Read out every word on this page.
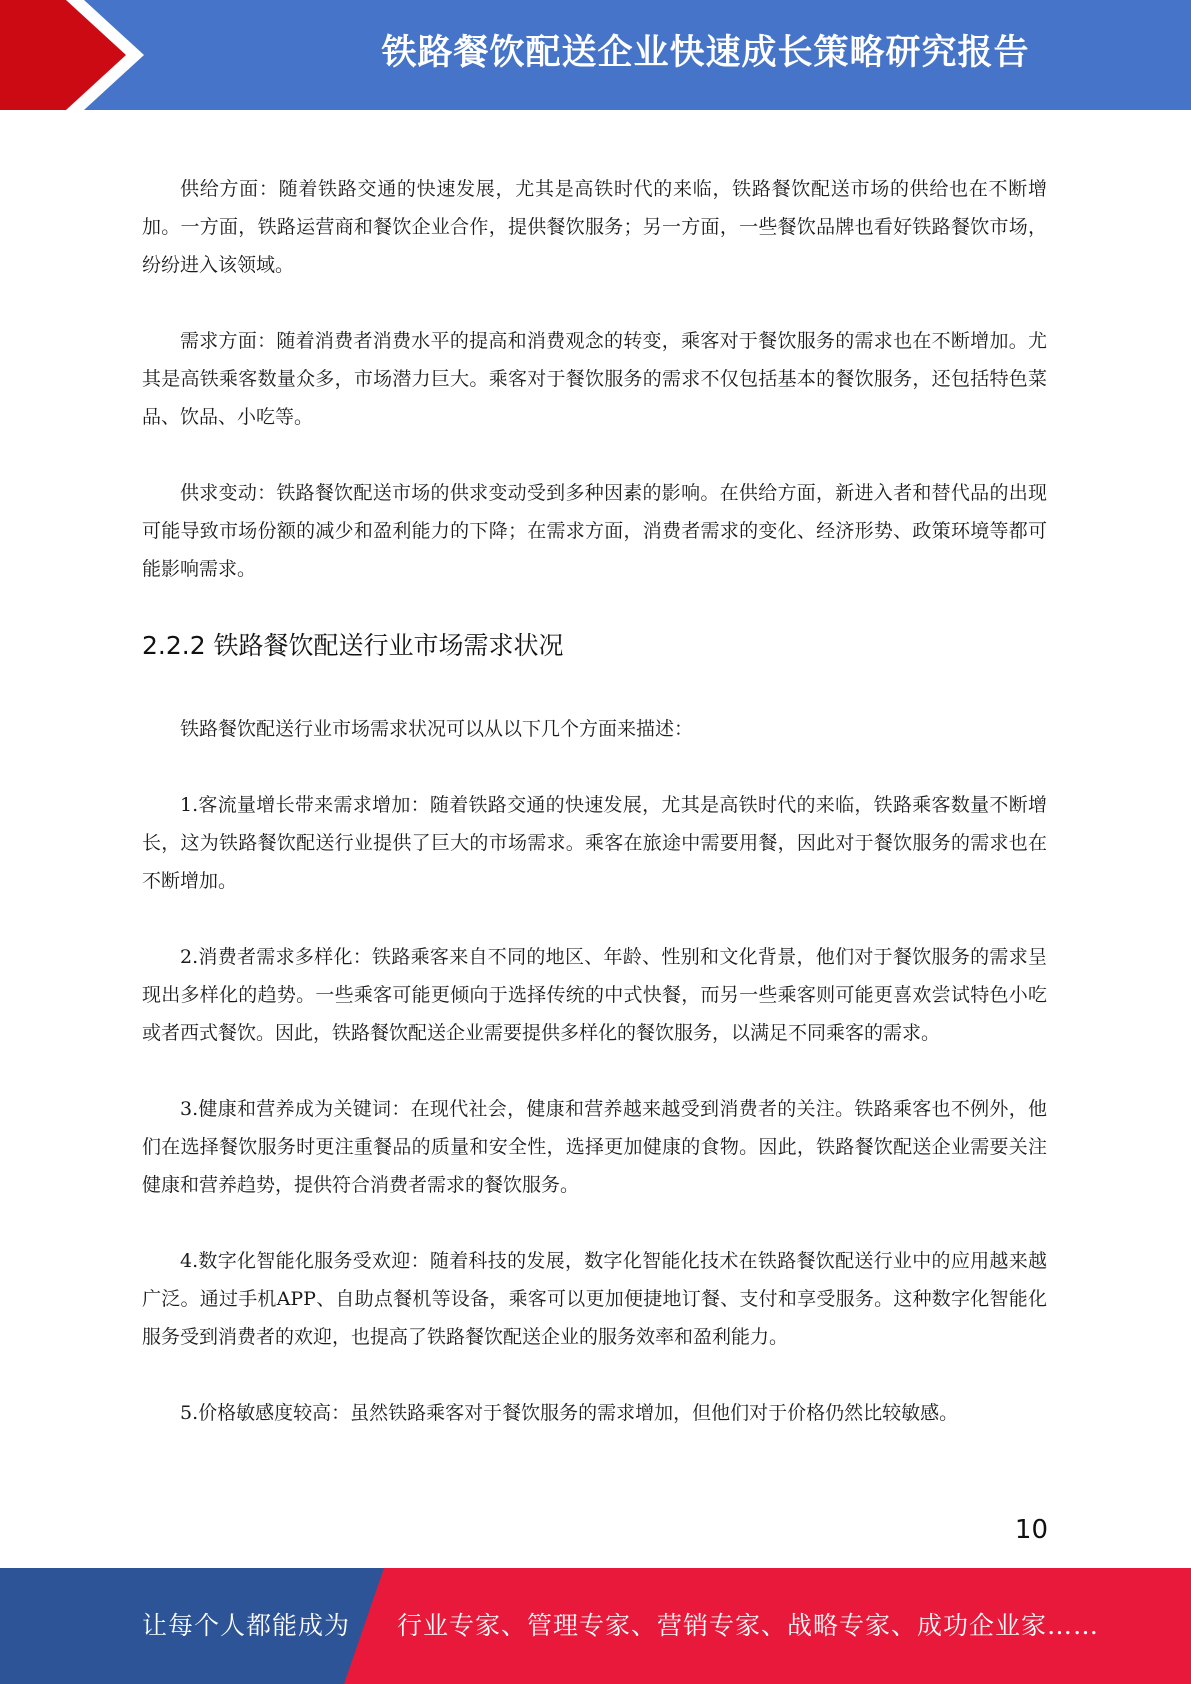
铁路餐饮配送企业快速成长策略研究报告

供给方面：随着铁路交通的快速发展，尤其是高铁时代的来临，铁路餐饮配送市场的供给也在不断增加。一方面，铁路运营商和餐饮企业合作，提供餐饮服务；另一方面，一些餐饮品牌也看好铁路餐饮市场，纷纷进入该领域。

需求方面：随着消费者消费水平的提高和消费观念的转变，乘客对于餐饮服务的需求也在不断增加。尤其是高铁乘客数量众多，市场潜力巨大。乘客对于餐饮服务的需求不仅包括基本的餐饮服务，还包括特色菜品、饮品、小吃等。

供求变动：铁路餐饮配送市场的供求变动受到多种因素的影响。在供给方面，新进入者和替代品的出现可能导致市场份额的减少和盈利能力的下降；在需求方面，消费者需求的变化、经济形势、政策环境等都可能影响需求。

2.2.2 铁路餐饮配送行业市场需求状况

铁路餐饮配送行业市场需求状况可以从以下几个方面来描述：

1.客流量增长带来需求增加：随着铁路交通的快速发展，尤其是高铁时代的来临，铁路乘客数量不断增长，这为铁路餐饮配送行业提供了巨大的市场需求。乘客在旅途中需要用餐，因此对于餐饮服务的需求也在不断增加。

2.消费者需求多样化：铁路乘客来自不同的地区、年龄、性别和文化背景，他们对于餐饮服务的需求呈现出多样化的趋势。一些乘客可能更倾向于选择传统的中式快餐，而另一些乘客则可能更喜欢尝试特色小吃或者西式餐饮。因此，铁路餐饮配送企业需要提供多样化的餐饮服务，以满足不同乘客的需求。

3.健康和营养成为关键词：在现代社会，健康和营养越来越受到消费者的关注。铁路乘客也不例外，他们在选择餐饮服务时更注重餐品的质量和安全性，选择更加健康的食物。因此，铁路餐饮配送企业需要关注健康和营养趋势，提供符合消费者需求的餐饮服务。

4.数字化智能化服务受欢迎：随着科技的发展，数字化智能化技术在铁路餐饮配送行业中的应用越来越广泛。通过手机APP、自助点餐机等设备，乘客可以更加便捷地订餐、支付和享受服务。这种数字化智能化服务受到消费者的欢迎，也提高了铁路餐饮配送企业的服务效率和盈利能力。

5.价格敏感度较高：虽然铁路乘客对于餐饮服务的需求增加，但他们对于价格仍然比较敏感。

10
让每个人都能成为 行业专家、管理专家、营销专家、战略专家、成功企业家……
